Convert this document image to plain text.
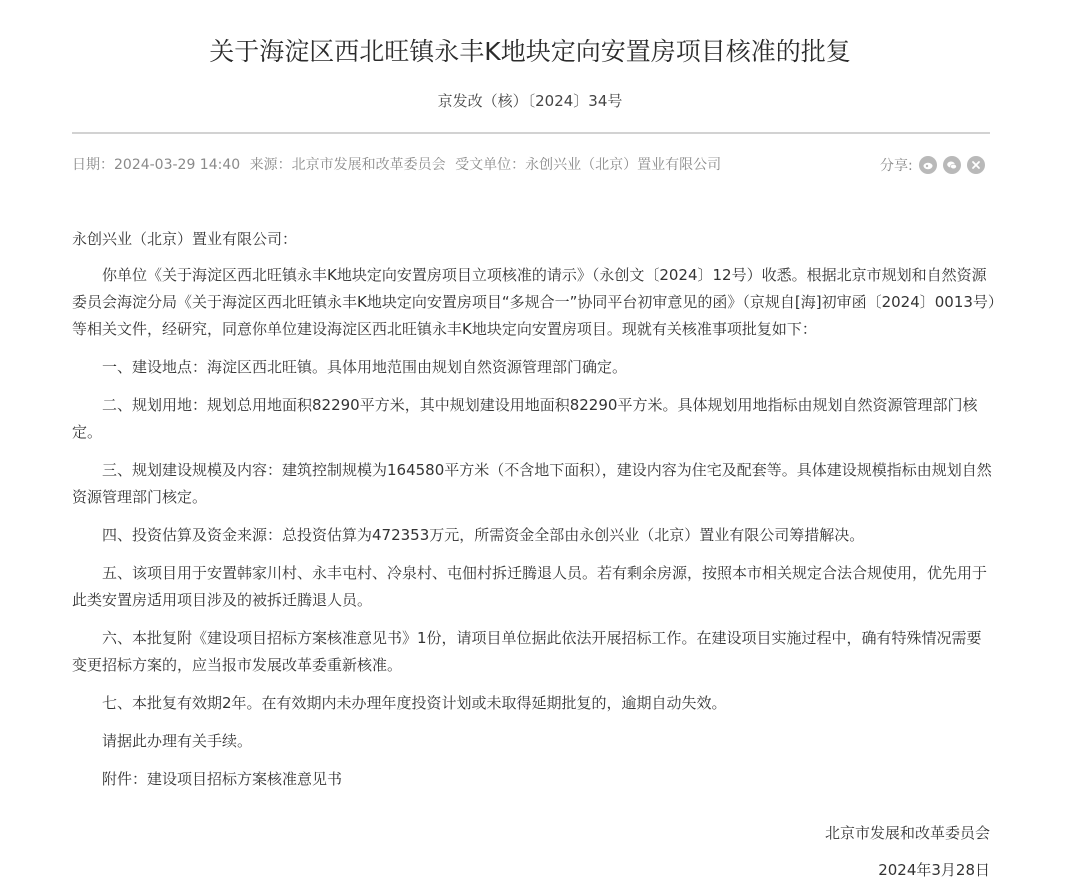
关于海淀区西北旺镇永丰K地块定向安置房项目核准的批复
京发改（核）〔2024〕34号
日期：2024-03-29 14:40 来源：北京市发展和改革委员会 受文单位：永创兴业（北京）置业有限公司	分享:

永创兴业（北京）置业有限公司：

你单位《关于海淀区西北旺镇永丰K地块定向安置房项目立项核准的请示》（永创文〔2024〕12号）收悉。根据北京市规划和自然资源委员会海淀分局《关于海淀区西北旺镇永丰K地块定向安置房项目“多规合一”协同平台初审意见的函》（京规自[海]初审函〔2024〕0013号）等相关文件，经研究，同意你单位建设海淀区西北旺镇永丰K地块定向安置房项目。现就有关核准事项批复如下：

一、建设地点：海淀区西北旺镇。具体用地范围由规划自然资源管理部门确定。

二、规划用地：规划总用地面积82290平方米，其中规划建设用地面积82290平方米。具体规划用地指标由规划自然资源管理部门核定。

三、规划建设规模及内容：建筑控制规模为164580平方米（不含地下面积），建设内容为住宅及配套等。具体建设规模指标由规划自然资源管理部门核定。

四、投资估算及资金来源：总投资估算为472353万元，所需资金全部由永创兴业（北京）置业有限公司筹措解决。

五、该项目用于安置韩家川村、永丰屯村、冷泉村、屯佃村拆迁腾退人员。若有剩余房源，按照本市相关规定合法合规使用，优先用于此类安置房适用项目涉及的被拆迁腾退人员。

六、本批复附《建设项目招标方案核准意见书》1份，请项目单位据此依法开展招标工作。在建设项目实施过程中，确有特殊情况需要变更招标方案的，应当报市发展改革委重新核准。

七、本批复有效期2年。在有效期内未办理年度投资计划或未取得延期批复的，逾期自动失效。

请据此办理有关手续。

附件：建设项目招标方案核准意见书

北京市发展和改革委员会
2024年3月28日
